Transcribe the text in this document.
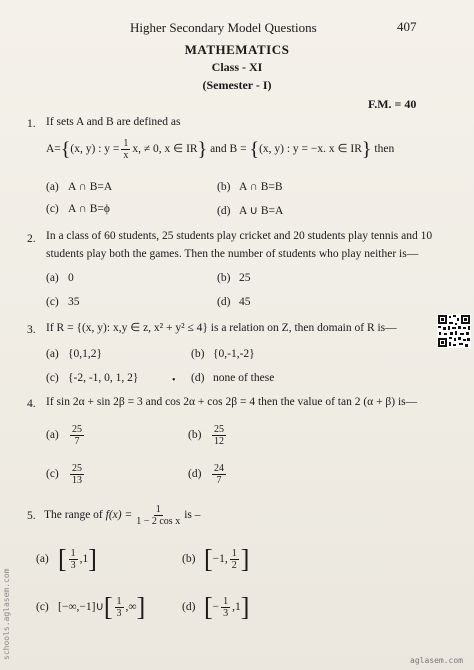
Higher Secondary Model Questions	407
MATHEMATICS
Class - XI
(Semester - I)
F.M. = 40
1. If sets A and B are defined as
A={(x, y) : $y = \frac{1}{x} x$, ≠ 0, x ∈ IR} and B = {(x, y) : y = −x. x ∈ IR} then
(a) A ∩ B=A	(b) A ∩ B=B
(c) A ∩ B=ϕ	(d) A ∪ B=A
2. In a class of 60 students, 25 students play cricket and 20 students play tennis and 10
students play both the games. Then the number of students who play neither is—
(a) 0	(b) 25
(c) 35	(d) 45
3. If R = {(x, y): x,y ∈ z, x² + y² ≤ 4} is a relation on Z, then domain of R is—
(a) {0,1,2}	(b) {0,-1,-2}
(c) {-2, -1, 0, 1, 2}	• (d) none of these
4. If sin 2α + sin 2β = 3 and cos 2α + cos 2β = 4 then the value of tan 2 (α + β) is—
$(a) \frac{25}{7}$	$(b) \frac{25}{12}$
$(c) \frac{25}{13}$	$(d) \frac{24}{7}$
5. The range of $f(x) = \frac{1}{\text{1 − 2 cos x}}$ is –
(a) [ $\frac{1}{3} ,1$]	(b) [−1, $\frac{1}{2}$ ]
(c) [−∞,−1]∪[ $\frac{1}{3}$ ,∞]	(d) [− $\frac{1}{3} ,1$]
schools.aglasem.com
aglasem.com
